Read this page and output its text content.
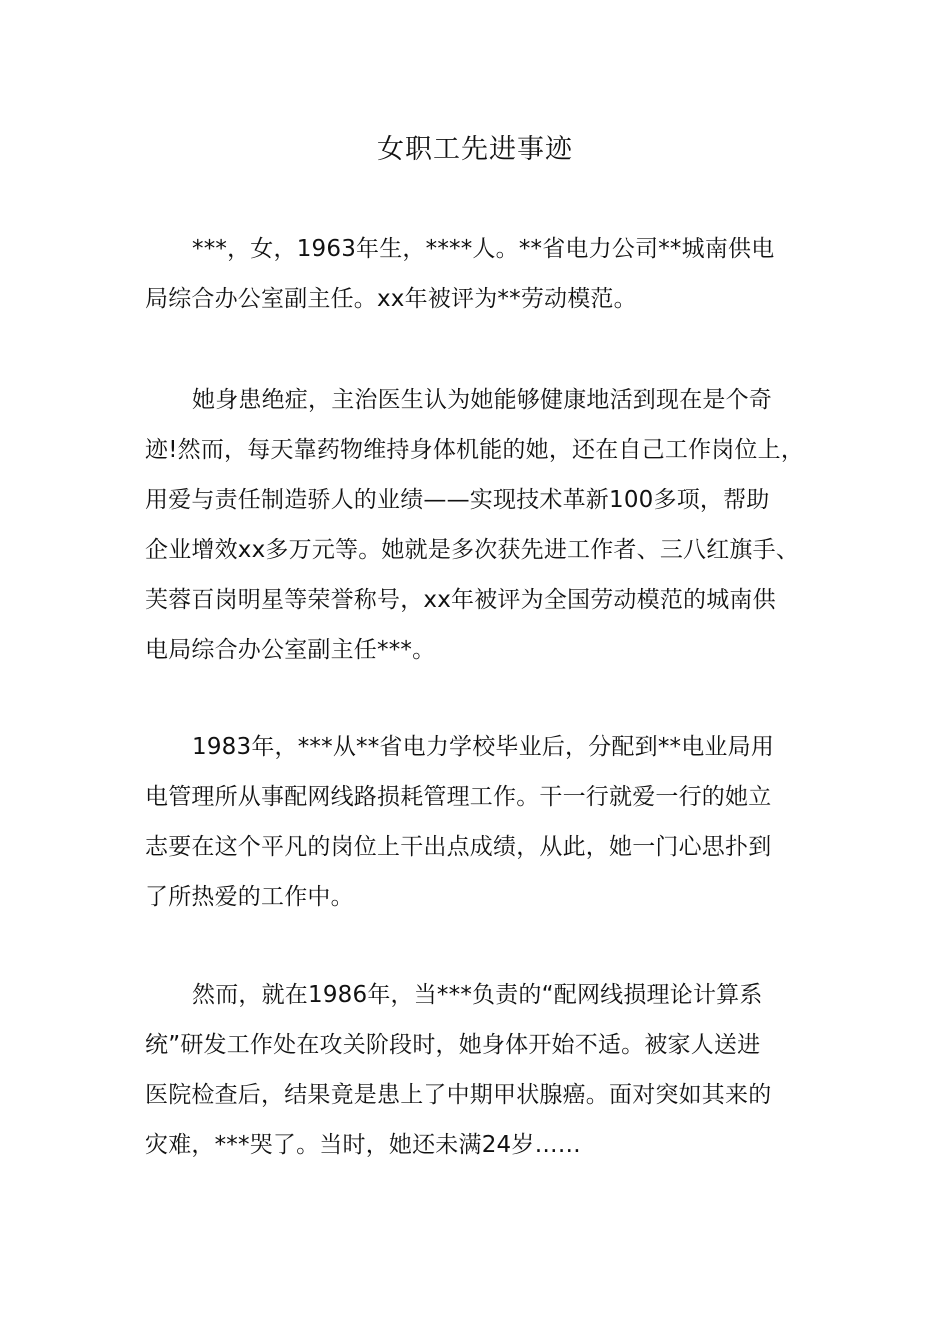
女职工先进事迹
***，女，1963年生，****人。**省电力公司**城南供电
局综合办公室副主任。xx年被评为**劳动模范。
她身患绝症，主治医生认为她能够健康地活到现在是个奇
迹!然而，每天靠药物维持身体机能的她，还在自己工作岗位上，
用爱与责任制造骄人的业绩——实现技术革新100多项，帮助
企业增效xx多万元等。她就是多次获先进工作者、三八红旗手、
芙蓉百岗明星等荣誉称号，xx年被评为全国劳动模范的城南供
电局综合办公室副主任***。
1983年，***从**省电力学校毕业后，分配到**电业局用
电管理所从事配网线路损耗管理工作。干一行就爱一行的她立
志要在这个平凡的岗位上干出点成绩，从此，她一门心思扑到
了所热爱的工作中。
然而，就在1986年，当***负责的“配网线损理论计算系
统”研发工作处在攻关阶段时，她身体开始不适。被家人送进
医院检查后，结果竟是患上了中期甲状腺癌。面对突如其来的
灾难，***哭了。当时，她还未满24岁……
